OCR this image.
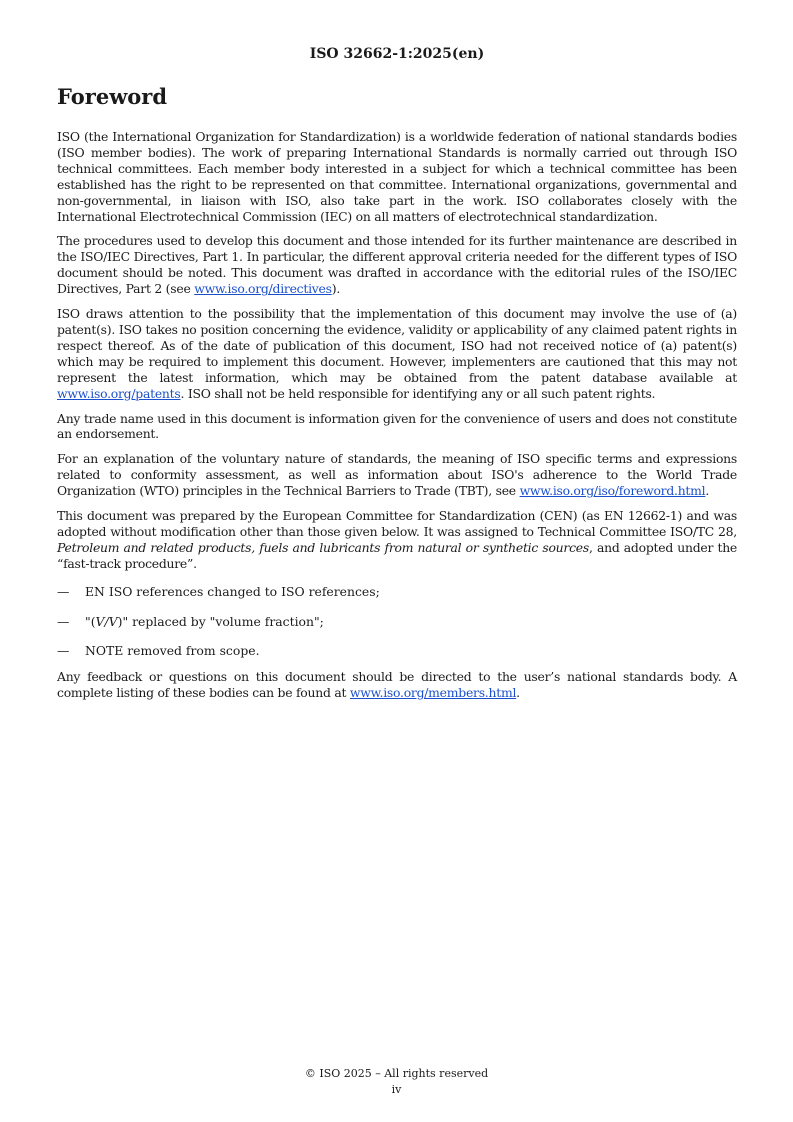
ISO 32662-1:2025(en)
Foreword

ISO (the International Organization for Standardization) is a worldwide federation of national standards bodies (ISO member bodies). The work of preparing International Standards is normally carried out through ISO technical committees. Each member body interested in a subject for which a technical committee has been established has the right to be represented on that committee. International organizations, governmental and non-governmental, in liaison with ISO, also take part in the work. ISO collaborates closely with the International Electrotechnical Commission (IEC) on all matters of electrotechnical standardization.

The procedures used to develop this document and those intended for its further maintenance are described in the ISO/IEC Directives, Part 1. In particular, the different approval criteria needed for the different types of ISO document should be noted. This document was drafted in accordance with the editorial rules of the ISO/IEC Directives, Part 2 (see www.iso.org/directives).

ISO draws attention to the possibility that the implementation of this document may involve the use of (a) patent(s). ISO takes no position concerning the evidence, validity or applicability of any claimed patent rights in respect thereof. As of the date of publication of this document, ISO had not received notice of (a) patent(s) which may be required to implement this document. However, implementers are cautioned that this may not represent the latest information, which may be obtained from the patent database available at www.iso.org/patents. ISO shall not be held responsible for identifying any or all such patent rights.

Any trade name used in this document is information given for the convenience of users and does not constitute an endorsement.

For an explanation of the voluntary nature of standards, the meaning of ISO specific terms and expressions related to conformity assessment, as well as information about ISO's adherence to the World Trade Organization (WTO) principles in the Technical Barriers to Trade (TBT), see www.iso.org/iso/foreword.html.

This document was prepared by the European Committee for Standardization (CEN) (as EN 12662-1) and was adopted without modification other than those given below. It was assigned to Technical Committee ISO/TC 28, Petroleum and related products, fuels and lubricants from natural or synthetic sources, and adopted under the “fast-track procedure”.

—	EN ISO references changed to ISO references;
—	"(V/V)" replaced by "volume fraction";
—	NOTE removed from scope.

Any feedback or questions on this document should be directed to the user’s national standards body. A complete listing of these bodies can be found at www.iso.org/members.html.

© ISO 2025 – All rights reserved
iv
